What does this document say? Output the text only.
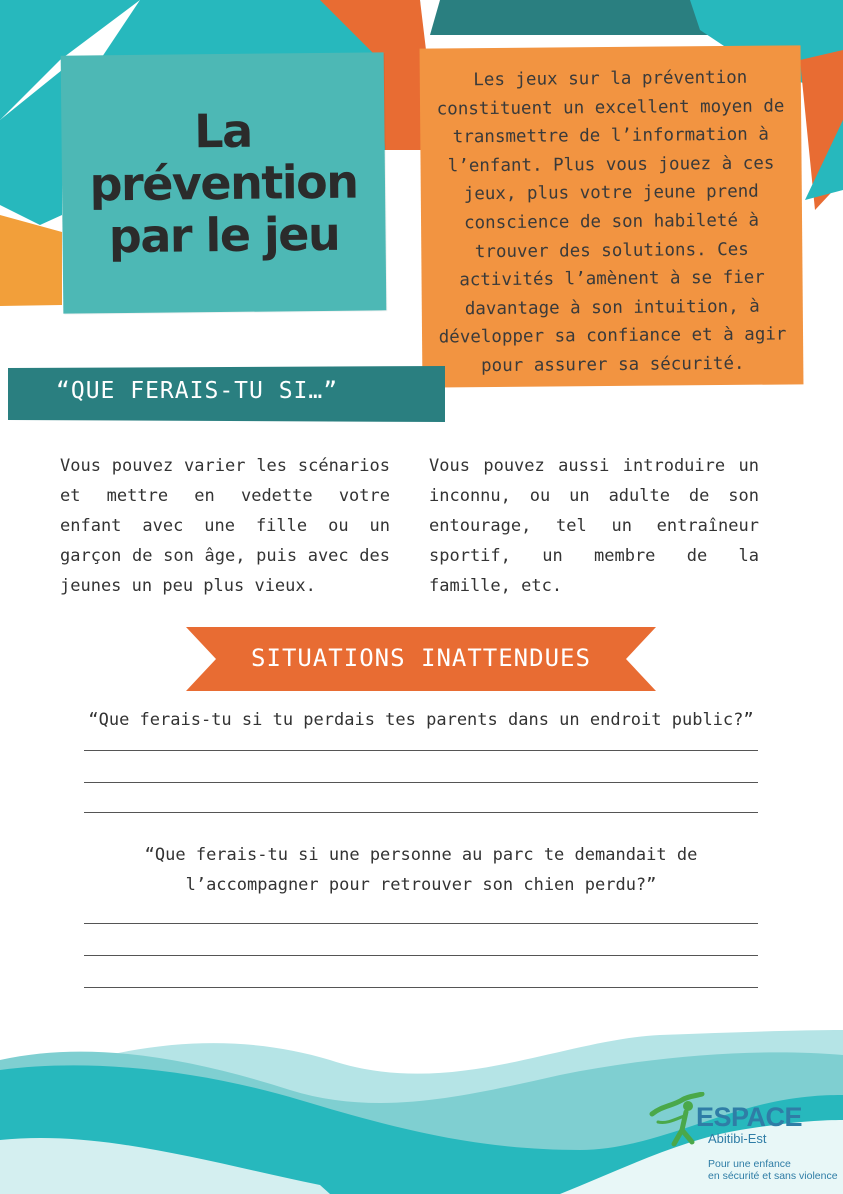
La
prévention
par le jeu

Les jeux sur la prévention constituent un excellent moyen de transmettre de l’information à l’enfant. Plus vous jouez à ces jeux, plus votre jeune prend conscience de son habileté à trouver des solutions. Ces activités l’amènent à se fier davantage à son intuition, à développer sa confiance et à agir pour assurer sa sécurité.

“QUE FERAIS-TU SI…”

Vous pouvez varier les scénarios et mettre en vedette votre enfant avec une fille ou un garçon de son âge, puis avec des jeunes un peu plus vieux.

Vous pouvez aussi introduire un inconnu, ou un adulte de son entourage, tel un entraîneur sportif, un membre de la famille, etc.

SITUATIONS INATTENDUES

“Que ferais-tu si tu perdais tes parents dans un endroit public?”

“Que ferais-tu si une personne au parc te demandait de
l’accompagner pour retrouver son chien perdu?”

ESPACE
Abitibi-Est
Pour une enfance
en sécurité et sans violence
